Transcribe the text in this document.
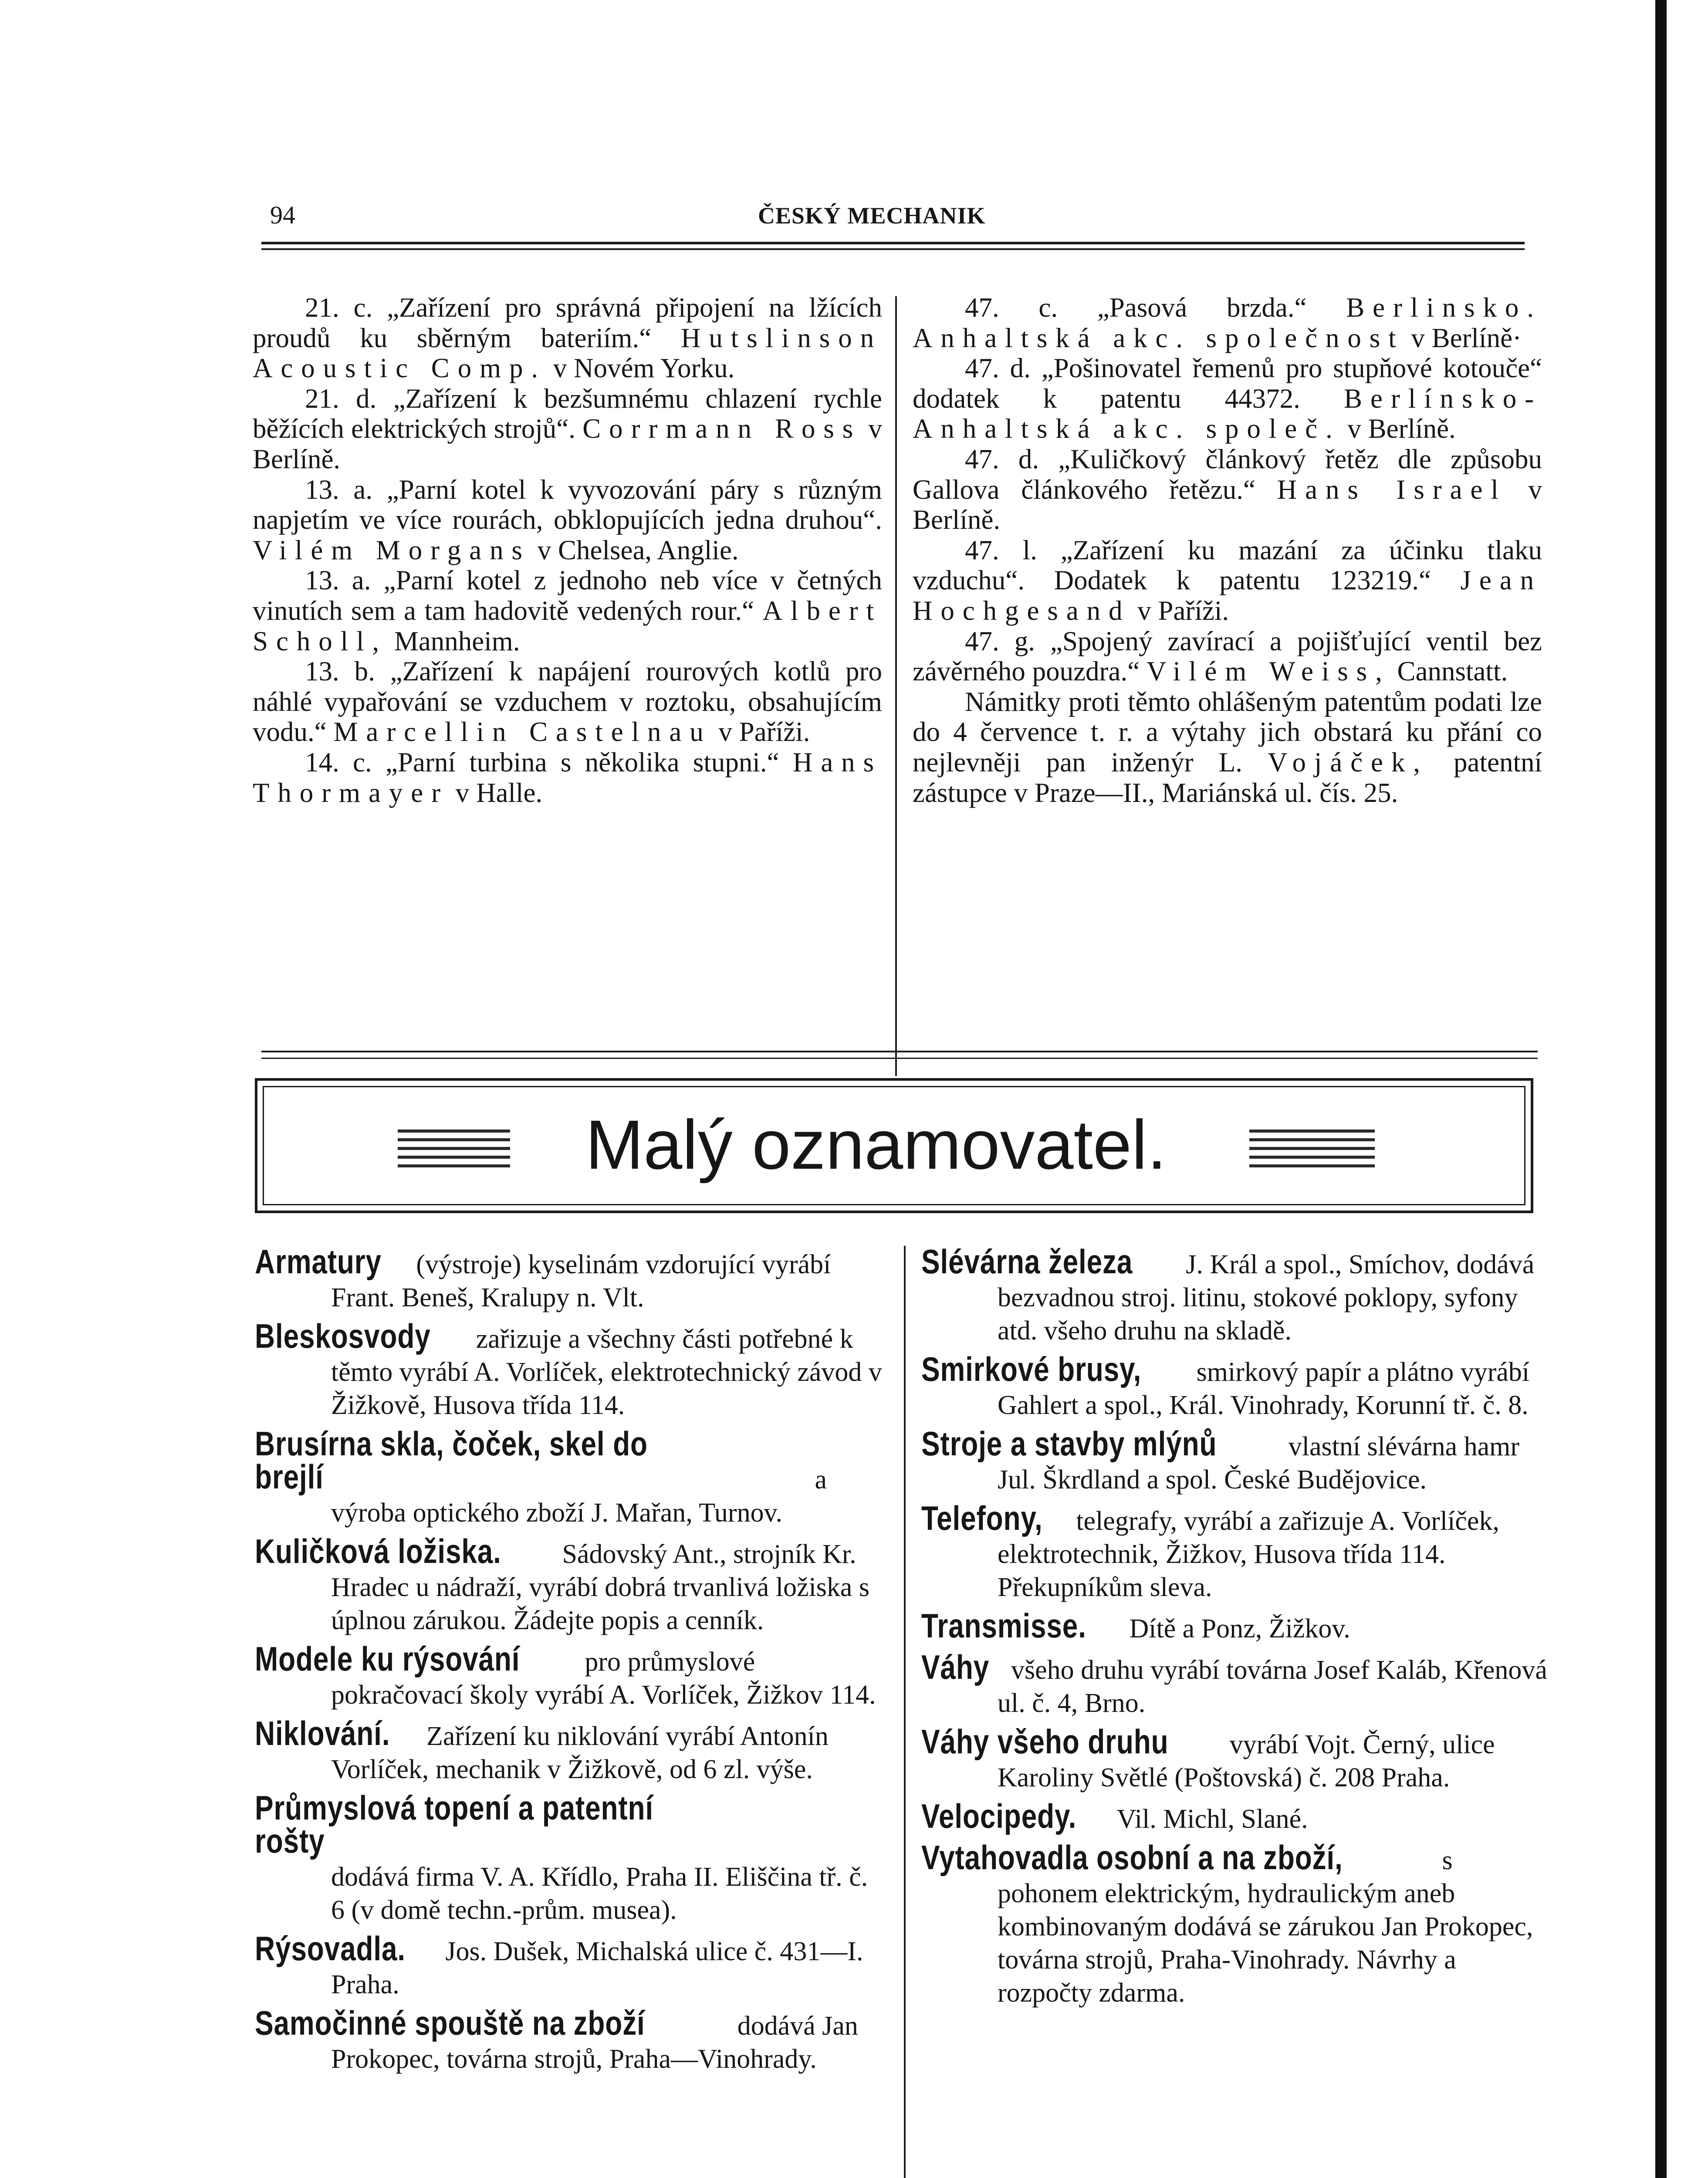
94	ČESKÝ MECHANIK

21. c. „Zařízení pro správná připojení na lžících proudů ku sběrným bateriím.“ Hutslinson Acoustic Comp. v Novém Yorku.

21. d. „Zařízení k bezšumnému chlazení rychle běžících elektrických strojů“. Corrmann Ross v Berlíně.

13. a. „Parní kotel k vyvozování páry s různým napjetím ve více rourách, obklopujících jedna druhou“. Vilém Morgans v Chelsea, Anglie.

13. a. „Parní kotel z jednoho neb více v četných vinutích sem a tam hadovitě vedených rour.“ Albert Scholl, Mannheim.

13. b. „Zařízení k napájení rourových kotlů pro náhlé vypařování se vzduchem v roztoku, obsahujícím vodu.“ Marcellin Castelnau v Paříži.

14. c. „Parní turbina s několika stupni.“ Hans Thormayer v Halle.

47. c. „Pasová brzda.“ Berlinsko. Anhaltská akc. společnost v Berlíně·

47. d. „Pošinovatel řemenů pro stupňové kotouče“ dodatek k patentu 44372. Berlínsko-Anhaltská akc. společ. v Berlíně.

47. d. „Kuličkový článkový řetěz dle způsobu Gallova článkového řetězu.“ Hans Israel v Berlíně.

47. l. „Zařízení ku mazání za účinku tlaku vzduchu“. Dodatek k patentu 123219.“ Jean Hochgesand v Paříži.

47. g. „Spojený zavírací a pojišťující ventil bez závěrného pouzdra.“ Vilém Weiss, Cannstatt.

Námitky proti těmto ohlášeným patentům podati lze do 4 července t. r. a výtahy jich obstará ku přání co nejlevněji pan inženýr L. Vojáček, patentní zástupce v Praze—II., Mariánská ul. čís. 25.

Malý oznamovatel.

Armatury (výstroje) kyselinám vzdorující vyrábí Frant. Beneš, Kralupy n. Vlt.

Bleskosvody zařizuje a všechny části potřebné k těmto vyrábí A. Vorlíček, elektrotechnický závod v Žižkově, Husova třída 114.

Brusírna skla, čoček, skel do brejlí	a výroba optického zboží J. Mařan, Turnov.

Kuličková ložiska. Sádovský Ant., strojník Kr. Hradec u nádraží, vyrábí dobrá trvanlivá ložiska s úplnou zárukou. Žádejte popis a cenník.

Modele ku rýsování pro průmyslové pokračovací školy vyrábí A. Vorlíček, Žižkov 114.

Niklování. Zařízení ku niklování vyrábí Antonín Vorlíček, mechanik v Žižkově, od 6 zl. výše.

Průmyslová topení a patentní rošty dodává firma V. A. Křídlo, Praha II. Eliščina tř. č. 6 (v domě techn.-prům. musea).

Rýsovadla. Jos. Dušek, Michalská ulice č. 431—I. Praha.

Samočinné spouště na zboží	dodává Jan Prokopec, továrna strojů, Praha—Vinohrady.

Slévárna železa J. Král a spol., Smíchov, dodává bezvadnou stroj. litinu, stokové poklopy, syfony atd. všeho druhu na skladě.

Smirkové brusy, smirkový papír a plátno vyrábí Gahlert a spol., Král. Vinohrady, Korunní tř. č. 8.

Stroje a stavby mlýnů vlastní slévárna hamr Jul. Škrdland a spol. České Budějovice.

Telefony, telegrafy, vyrábí a zařizuje A. Vorlíček, elektrotechnik, Žižkov, Husova třída 114. Překupníkům sleva.

Transmisse. Dítě a Ponz, Žižkov.

Váhy všeho druhu vyrábí továrna Josef Kaláb, Křenová ul. č. 4, Brno.

Váhy všeho druhu vyrábí Vojt. Černý, ulice Karoliny Světlé (Poštovská) č. 208 Praha.

Velocipedy. Vil. Michl, Slané.

Vytahovadla osobní a na zboží,	s pohonem elektrickým, hydraulickým aneb kombinovaným dodává se zárukou Jan Prokopec, továrna strojů, Praha-Vinohrady. Návrhy a rozpočty zdarma.
